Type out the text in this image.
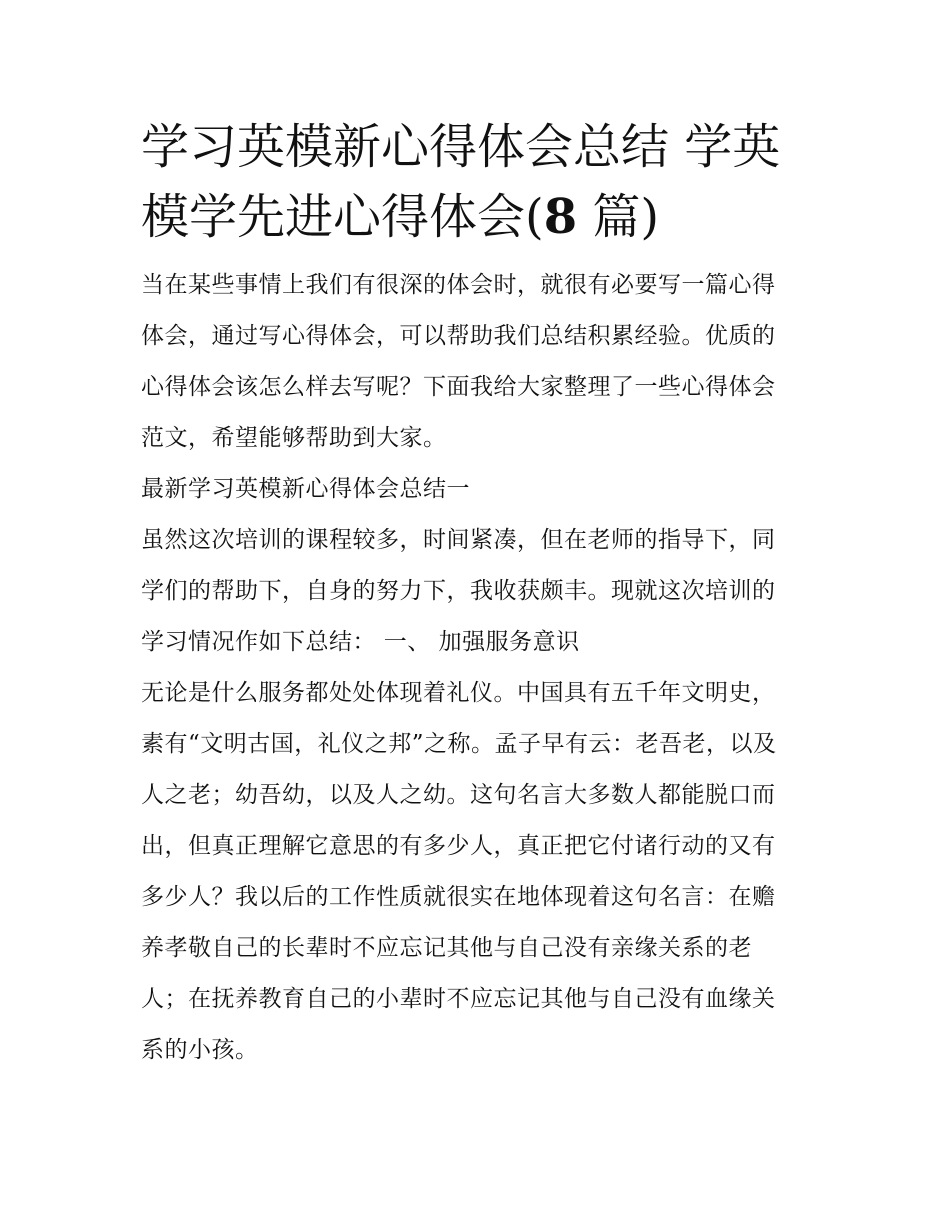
学习英模新心得体会总结 学英
模学先进心得体会(8 篇)
当在某些事情上我们有很深的体会时，就很有必要写一篇心得
体会，通过写心得体会，可以帮助我们总结积累经验。优质的
心得体会该怎么样去写呢？下面我给大家整理了一些心得体会
范文，希望能够帮助到大家。
最新学习英模新心得体会总结一
虽然这次培训的课程较多，时间紧凑，但在老师的指导下，同
学们的帮助下，自身的努力下，我收获颇丰。现就这次培训的
学习情况作如下总结： 一、 加强服务意识
无论是什么服务都处处体现着礼仪。中国具有五千年文明史，
素有“文明古国，礼仪之邦”之称。孟子早有云：老吾老，以及
人之老；幼吾幼，以及人之幼。这句名言大多数人都能脱口而
出，但真正理解它意思的有多少人，真正把它付诸行动的又有
多少人？我以后的工作性质就很实在地体现着这句名言：在赡
养孝敬自己的长辈时不应忘记其他与自己没有亲缘关系的老
人；在抚养教育自己的小辈时不应忘记其他与自己没有血缘关
系的小孩。
